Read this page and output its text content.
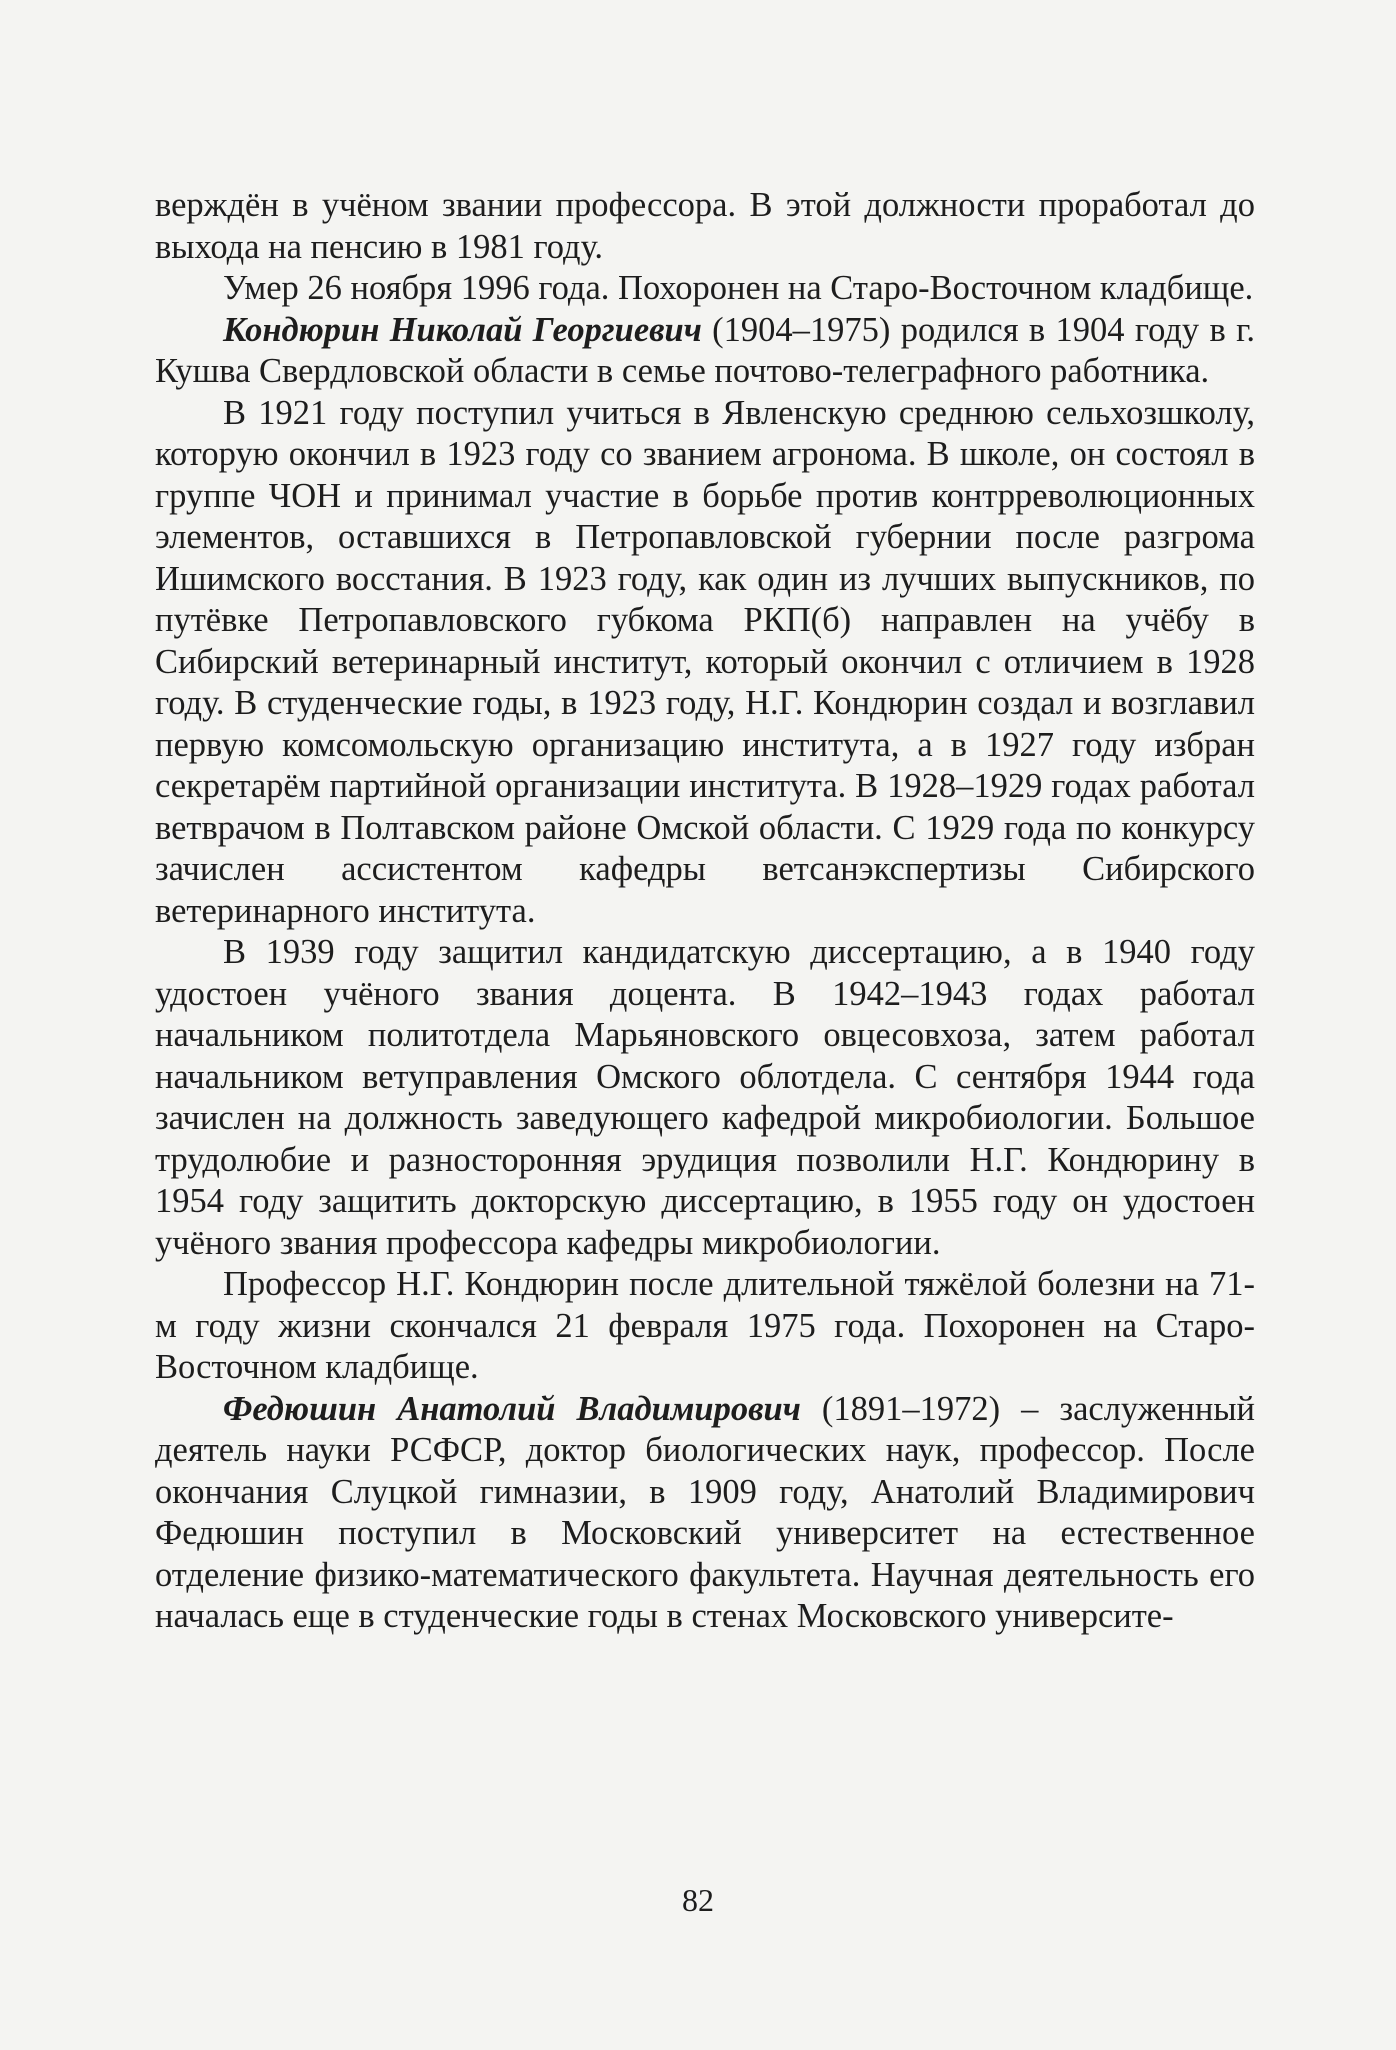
верждён в учёном звании профессора. В этой должности проработал до выхода на пенсию в 1981 году.

Умер 26 ноября 1996 года. Похоронен на Старо-Восточном кладбище.

Кондюрин Николай Георгиевич (1904–1975) родился в 1904 году в г. Кушва Свердловской области в семье почтово-телеграфного работника.

В 1921 году поступил учиться в Явленскую среднюю сельхозшколу, которую окончил в 1923 году со званием агронома. В школе, он состоял в группе ЧОН и принимал участие в борьбе против контрреволюционных элементов, оставшихся в Петропавловской губернии после разгрома Ишимского восстания. В 1923 году, как один из лучших выпускников, по путёвке Петропавловского губкома РКП(б) направлен на учёбу в Сибирский ветеринарный институт, который окончил с отличием в 1928 году. В студенческие годы, в 1923 году, Н.Г. Кондюрин создал и возглавил первую комсомольскую организацию института, а в 1927 году избран секретарём партийной организации института. В 1928–1929 годах работал ветврачом в Полтавском районе Омской области. С 1929 года по конкурсу зачислен ассистентом кафедры ветсанэкспертизы Сибирского ветеринарного института.

В 1939 году защитил кандидатскую диссертацию, а в 1940 году удостоен учёного звания доцента. В 1942–1943 годах работал начальником политотдела Марьяновского овцесовхоза, затем работал начальником ветуправления Омского облотдела. С сентября 1944 года зачислен на должность заведующего кафедрой микробиологии. Большое трудолюбие и разносторонняя эрудиция позволили Н.Г. Кондюрину в 1954 году защитить докторскую диссертацию, в 1955 году он удостоен учёного звания профессора кафедры микробиологии.

Профессор Н.Г. Кондюрин после длительной тяжёлой болезни на 71-м году жизни скончался 21 февраля 1975 года. Похоронен на Старо-Восточном кладбище.

Федюшин Анатолий Владимирович (1891–1972) – заслуженный деятель науки РСФСР, доктор биологических наук, профессор. После окончания Слуцкой гимназии, в 1909 году, Анатолий Владимирович Федюшин поступил в Московский университет на естественное отделение физико-математического факультета. Научная деятельность его началась еще в студенческие годы в стенах Московского университе-

82
